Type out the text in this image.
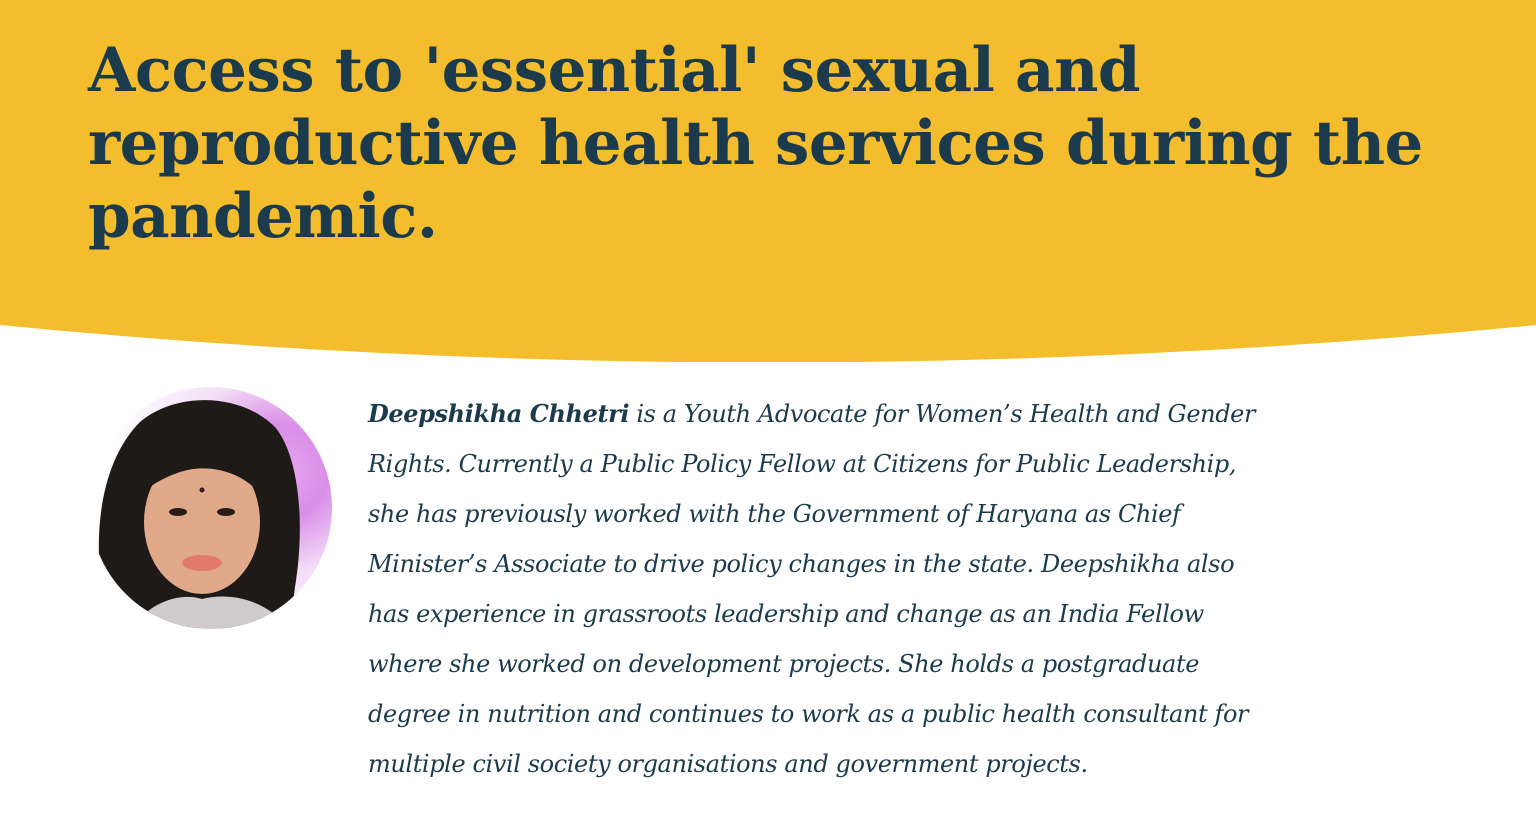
Access to 'essential' sexual and
reproductive health services during the
pandemic.

Deepshikha Chhetri is a Youth Advocate for Women’s Health and Gender
Rights. Currently a Public Policy Fellow at Citizens for Public Leadership,
she has previously worked with the Government of Haryana as Chief
Minister’s Associate to drive policy changes in the state. Deepshikha also
has experience in grassroots leadership and change as an India Fellow
where she worked on development projects. She holds a postgraduate
degree in nutrition and continues to work as a public health consultant for
multiple civil society organisations and government projects.
